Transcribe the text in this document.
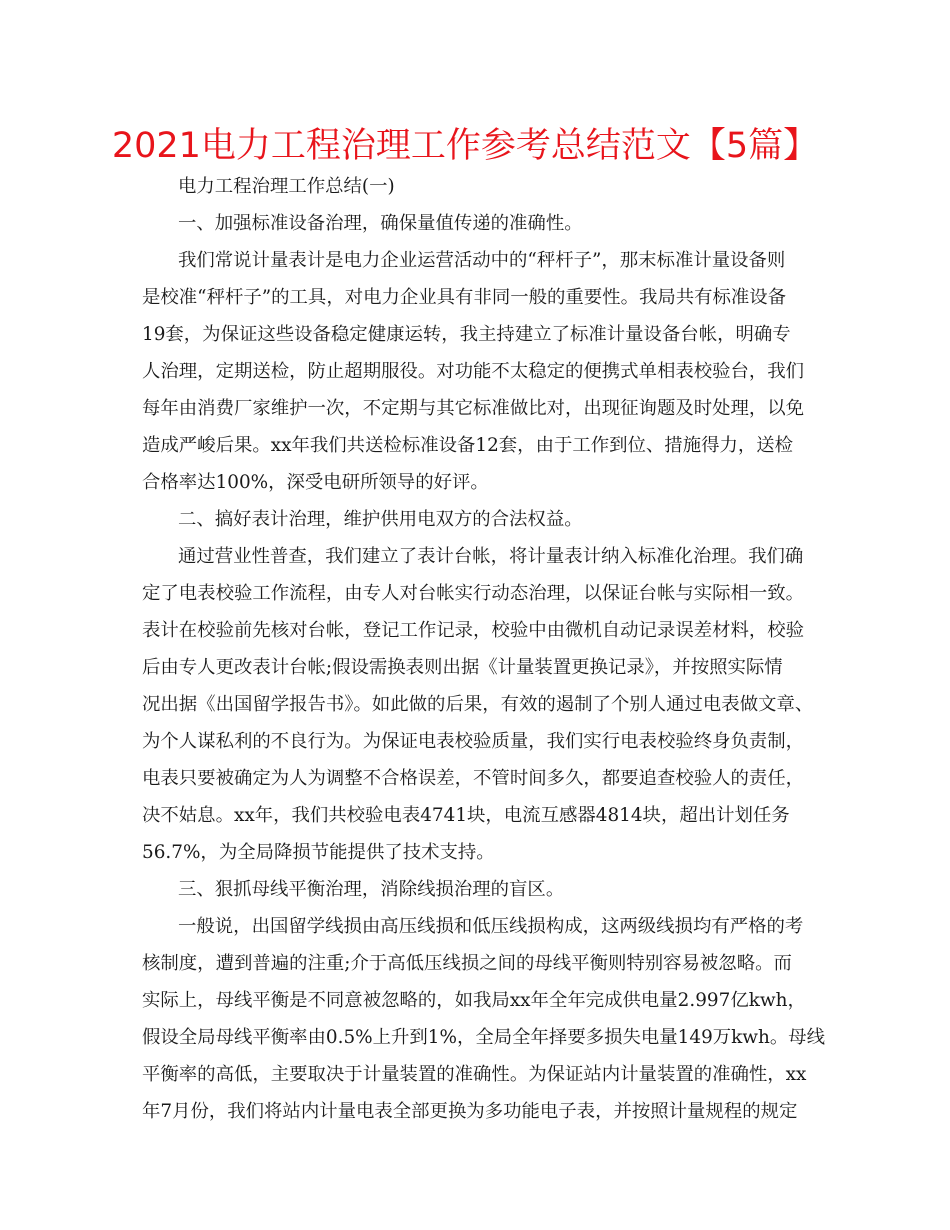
2021电力工程治理工作参考总结范文【5篇】
电力工程治理工作总结(一)
一、加强标准设备治理，确保量值传递的准确性。
我们常说计量表计是电力企业运营活动中的“秤杆子”，那末标准计量设备则
是校准“秤杆子”的工具，对电力企业具有非同一般的重要性。我局共有标准设备
19套，为保证这些设备稳定健康运转，我主持建立了标准计量设备台帐，明确专
人治理，定期送检，防止超期服役。对功能不太稳定的便携式单相表校验台，我们
每年由消费厂家维护一次，不定期与其它标准做比对，出现征询题及时处理，以免
造成严峻后果。xx年我们共送检标准设备12套，由于工作到位、措施得力，送检
合格率达100%，深受电研所领导的好评。
二、搞好表计治理，维护供用电双方的合法权益。
通过营业性普查，我们建立了表计台帐，将计量表计纳入标准化治理。我们确
定了电表校验工作流程，由专人对台帐实行动态治理，以保证台帐与实际相一致。
表计在校验前先核对台帐，登记工作记录，校验中由微机自动记录误差材料，校验
后由专人更改表计台帐;假设需换表则出据《计量装置更换记录》，并按照实际情
况出据《出国留学报告书》。如此做的后果，有效的遏制了个别人通过电表做文章、
为个人谋私利的不良行为。为保证电表校验质量，我们实行电表校验终身负责制，
电表只要被确定为人为调整不合格误差，不管时间多久，都要追查校验人的责任，
决不姑息。xx年，我们共校验电表4741块，电流互感器4814块，超出计划任务
56.7%，为全局降损节能提供了技术支持。
三、狠抓母线平衡治理，消除线损治理的盲区。
一般说，出国留学线损由高压线损和低压线损构成，这两级线损均有严格的考
核制度，遭到普遍的注重;介于高低压线损之间的母线平衡则特别容易被忽略。而
实际上，母线平衡是不同意被忽略的，如我局xx年全年完成供电量2.997亿kwh，
假设全局母线平衡率由0.5%上升到1%，全局全年择要多损失电量149万kwh。母线
平衡率的高低，主要取决于计量装置的准确性。为保证站内计量装置的准确性，xx
年7月份，我们将站内计量电表全部更换为多功能电子表，并按照计量规程的规定
